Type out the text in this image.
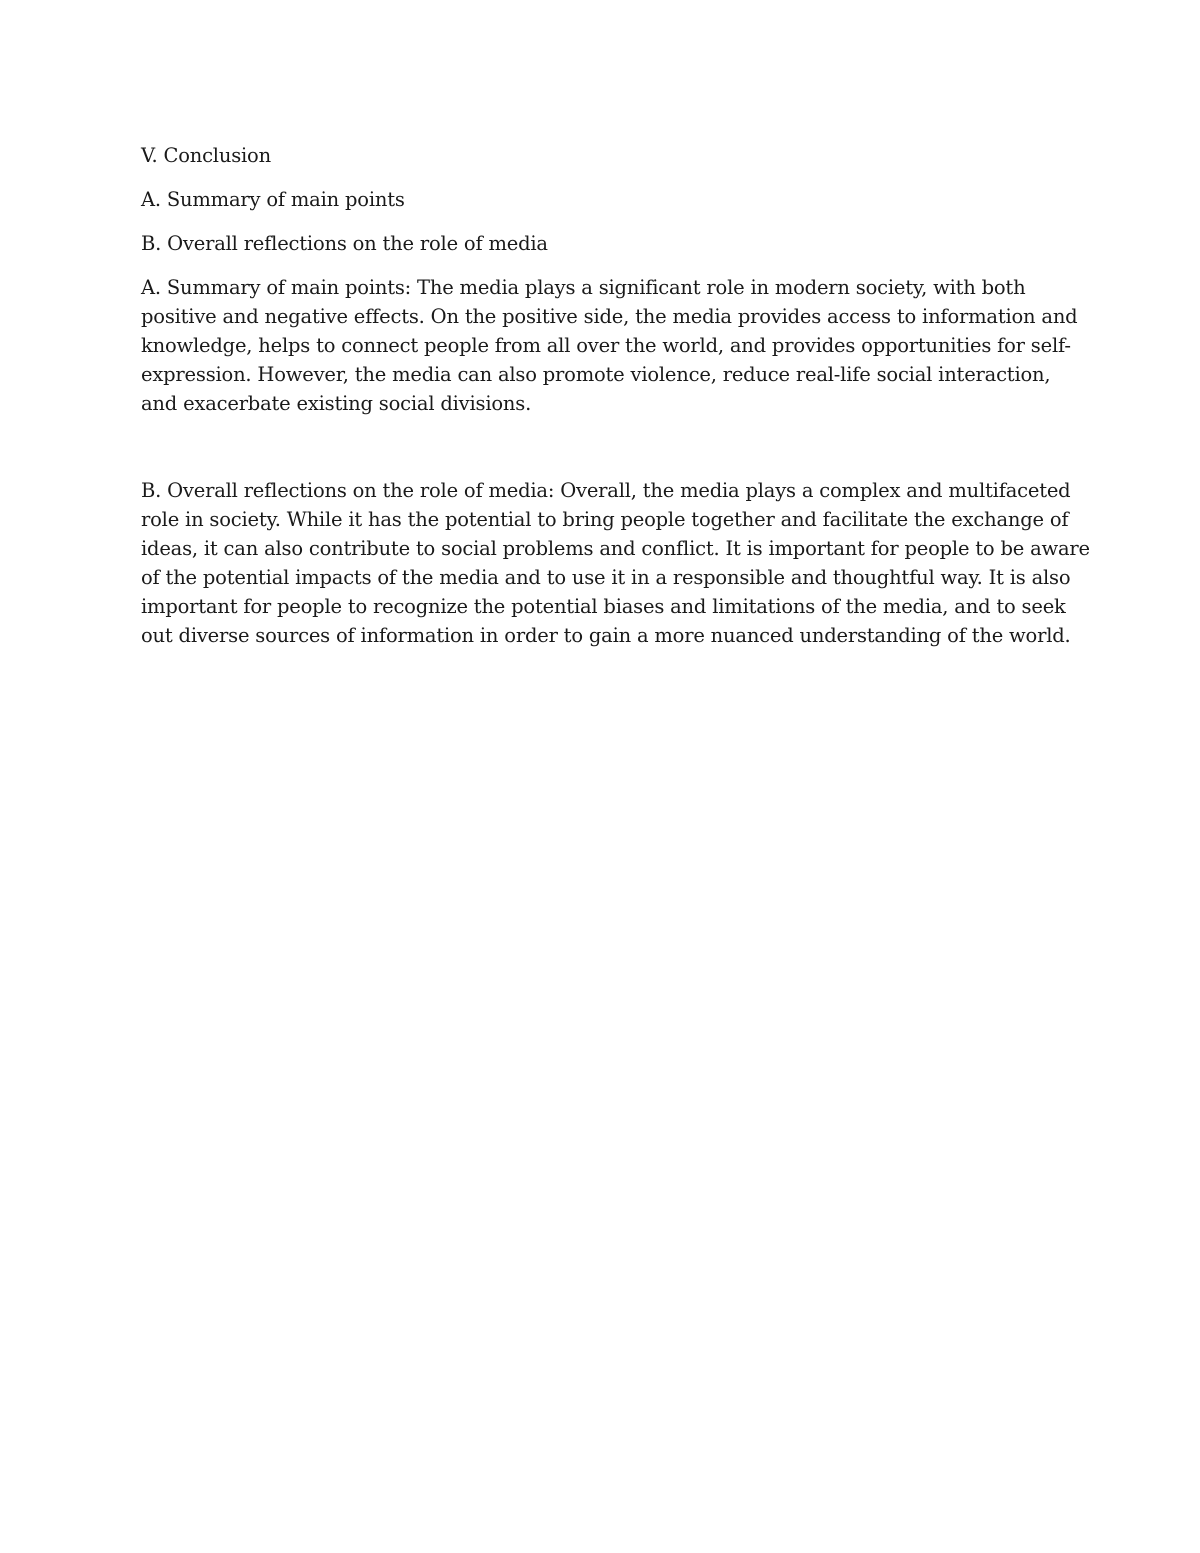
V. Conclusion

A. Summary of main points

B. Overall reflections on the role of media

A. Summary of main points: The media plays a significant role in modern society, with both

positive and negative effects. On the positive side, the media provides access to information and

knowledge, helps to connect people from all over the world, and provides opportunities for self-

expression. However, the media can also promote violence, reduce real-life social interaction,

and exacerbate existing social divisions.

B. Overall reflections on the role of media: Overall, the media plays a complex and multifaceted

role in society. While it has the potential to bring people together and facilitate the exchange of

ideas, it can also contribute to social problems and conflict. It is important for people to be aware

of the potential impacts of the media and to use it in a responsible and thoughtful way. It is also

important for people to recognize the potential biases and limitations of the media, and to seek

out diverse sources of information in order to gain a more nuanced understanding of the world.
